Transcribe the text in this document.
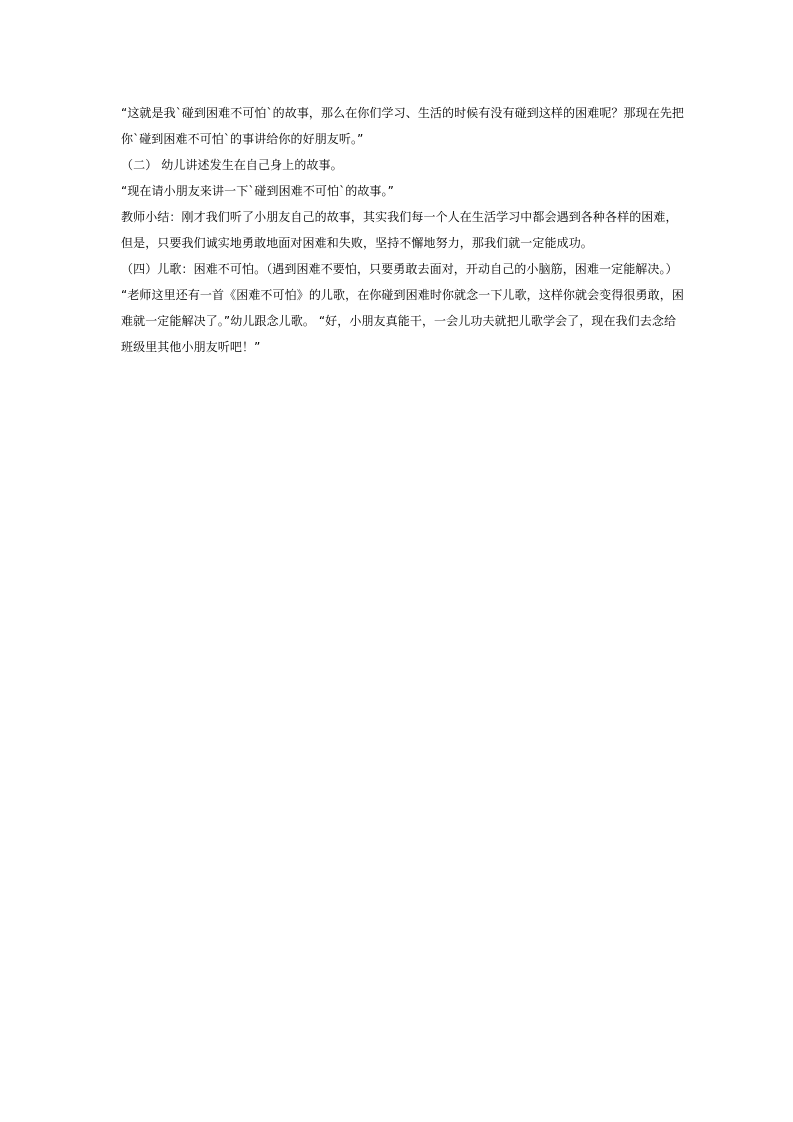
“这就是我`碰到困难不可怕`的故事，那么在你们学习、生活的时候有没有碰到这样的困难呢？那现在先把
你`碰到困难不可怕`的事讲给你的好朋友听。”
（二） 幼儿讲述发生在自己身上的故事。
“现在请小朋友来讲一下`碰到困难不可怕`的故事。”
教师小结：刚才我们听了小朋友自己的故事，其实我们每一个人在生活学习中都会遇到各种各样的困难，
但是，只要我们诚实地勇敢地面对困难和失败，坚持不懈地努力，那我们就一定能成功。
（四）儿歌：困难不可怕。（遇到困难不要怕，只要勇敢去面对，开动自己的小脑筋，困难一定能解决。）
“老师这里还有一首《困难不可怕》的儿歌，在你碰到困难时你就念一下儿歌，这样你就会变得很勇敢，困
难就一定能解决了。”幼儿跟念儿歌。 “好，小朋友真能干，一会儿功夫就把儿歌学会了，现在我们去念给
班级里其他小朋友听吧！”
